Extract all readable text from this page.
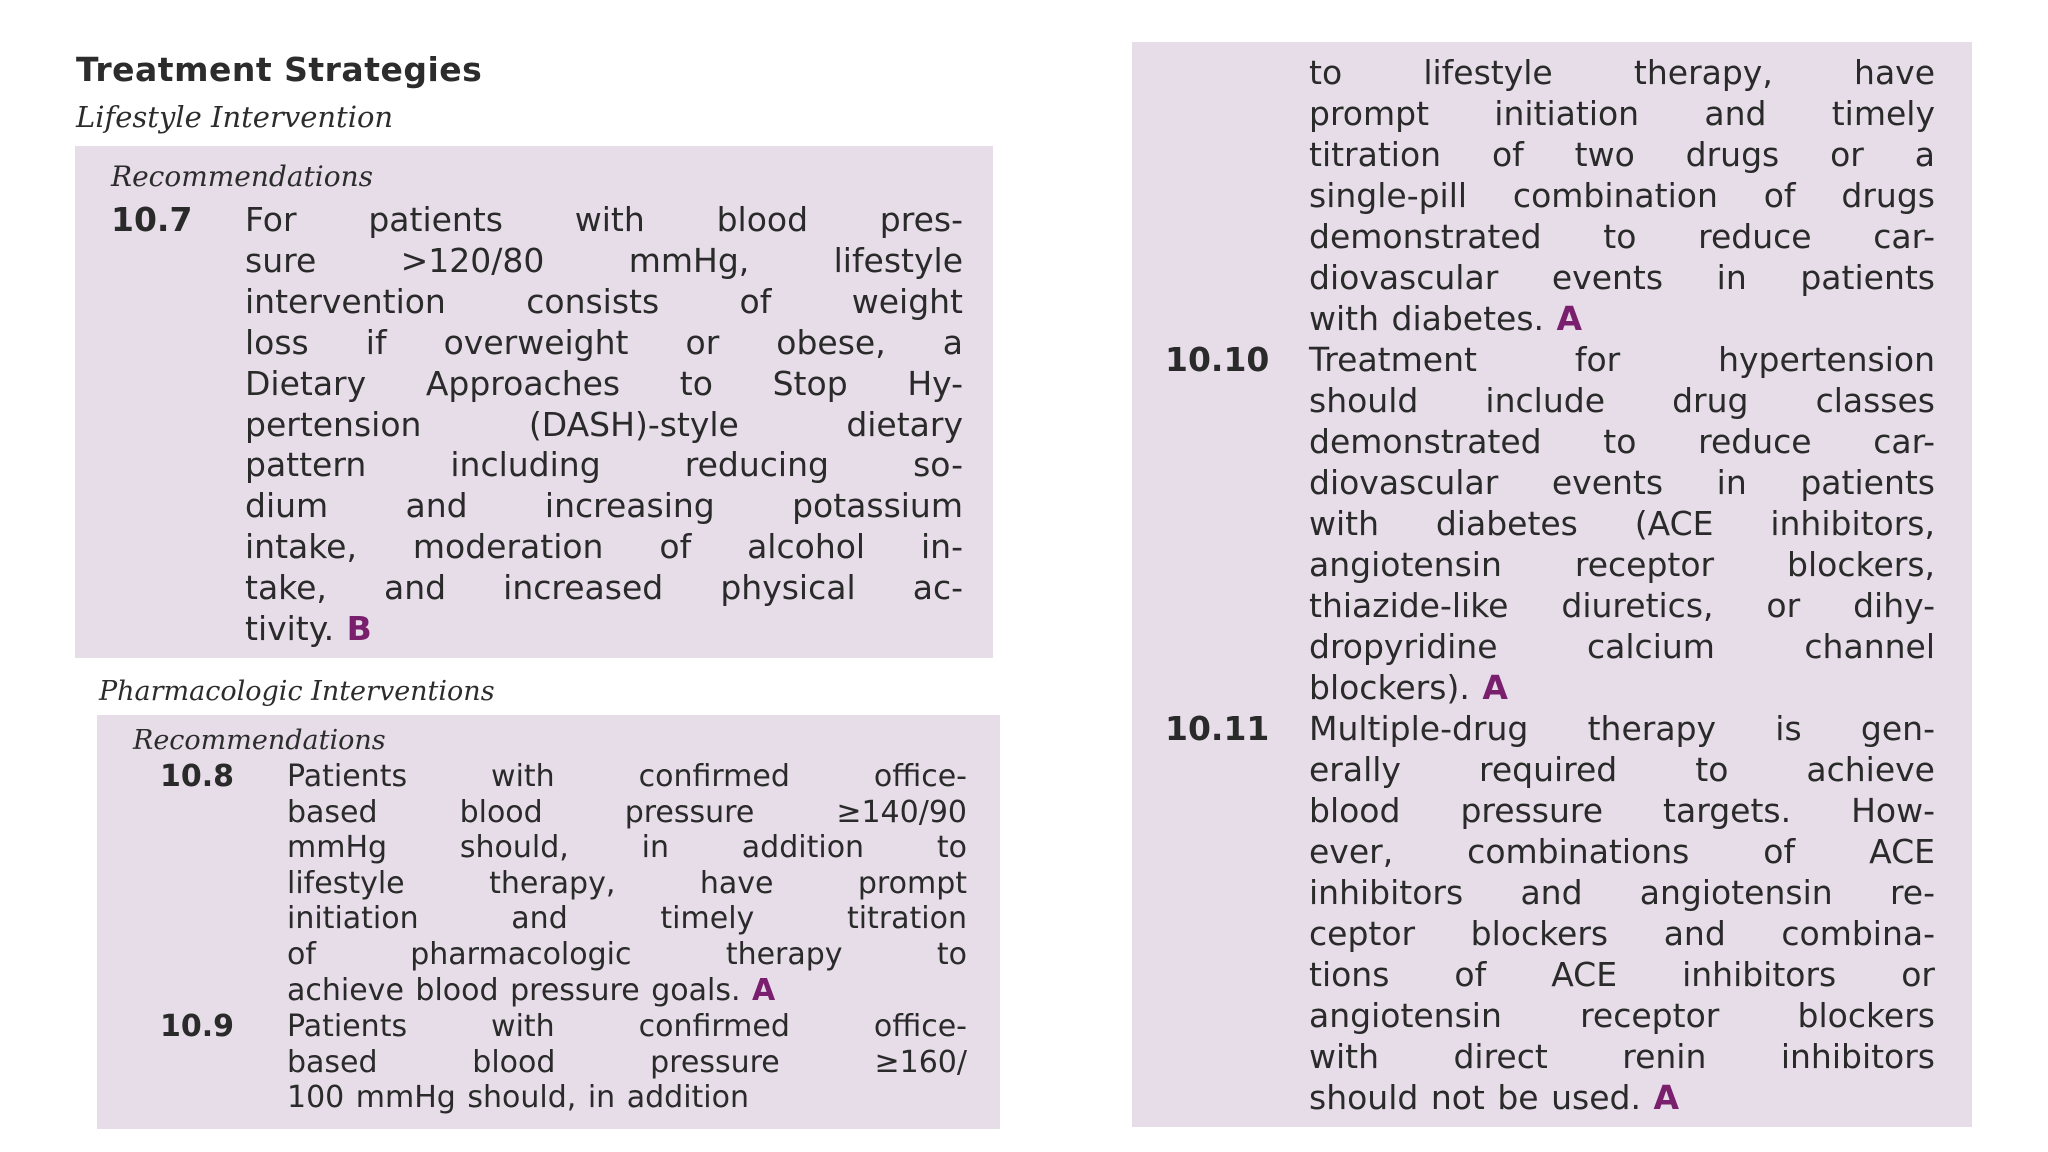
Treatment Strategies
Lifestyle Intervention
Recommendations
10.7 For patients with blood pres-
sure >120/80 mmHg, lifestyle
intervention consists of weight
loss if overweight or obese, a
Dietary Approaches to Stop Hy-
pertension (DASH)-style dietary
pattern including reducing so-
dium and increasing potassium
intake, moderation of alcohol in-
take, and increased physical ac-
tivity. B
Pharmacologic Interventions
Recommendations
10.8 Patients with confirmed office-
based blood pressure ≥140/90
mmHg should, in addition to
lifestyle therapy, have prompt
initiation and timely titration
of pharmacologic therapy to
achieve blood pressure goals. A
10.9 Patients with confirmed office-
based blood pressure ≥160/
100 mmHg should, in addition
to lifestyle therapy, have
prompt initiation and timely
titration of two drugs or a
single-pill combination of drugs
demonstrated to reduce car-
diovascular events in patients
with diabetes. A
10.10 Treatment for hypertension
should include drug classes
demonstrated to reduce car-
diovascular events in patients
with diabetes (ACE inhibitors,
angiotensin receptor blockers,
thiazide-like diuretics, or dihy-
dropyridine calcium channel
blockers). A
10.11 Multiple-drug therapy is gen-
erally required to achieve
blood pressure targets. How-
ever, combinations of ACE
inhibitors and angiotensin re-
ceptor blockers and combina-
tions of ACE inhibitors or
angiotensin receptor blockers
with direct renin inhibitors
should not be used. A
